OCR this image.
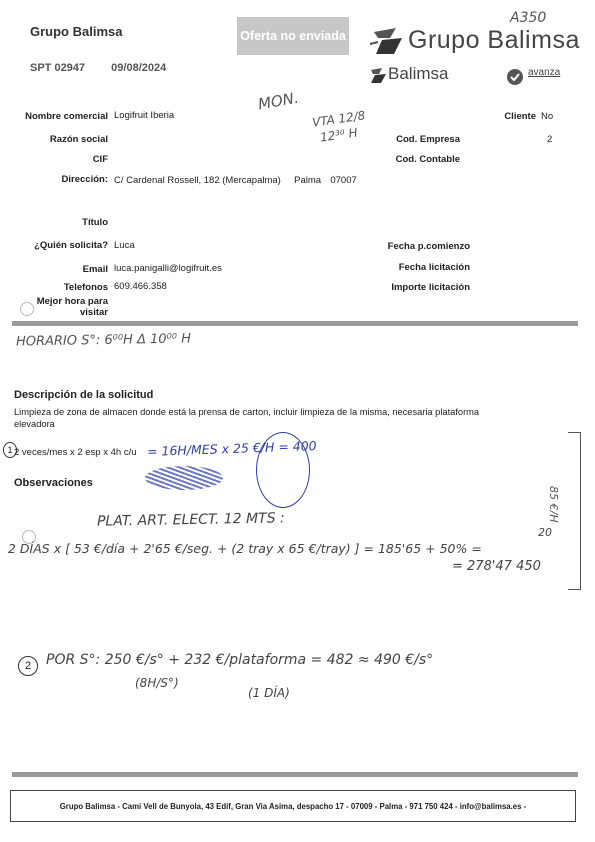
Grupo Balimsa
SPT 02947 09/08/2024
Oferta no enviada Grupo Balimsa
Balimsa	avanza
A350
MON.
VTA 12/8
12³⁰ H
Nombre comercial Logifruit Iberia
Razón social
CIF
Dirección: C/ Cardenal Rossell, 182 (Mercapalma) Palma 07007
Título
¿Quién solicita? Luca
Email luca.panigalli@logifruit.es
Telefonos 609.466.358
Mejor hora para
visitar
Cliente No
Cod. Empresa	2
Cod. Contable
Fecha p.comienzo
Fecha licitación
Importe licitación
HORARIO S°: 6⁰⁰H Δ 10⁰⁰ H
Descripción de la solicitud
Limpieza de zona de almacen donde está la prensa de carton, incluir limpieza de la misma, necesaria plataforma
elevadora
1 2 veces/mes x 2 esp x 4h c/u = 16H/MES x 25 €/H = 400
Observaciones
85 €/H
PLAT. ART. ELECT. 12 MTS :
2 DÍAS x [ 53 €/día + 2'65 €/seg. + (2 tray x 65 €/tray) ] = 185'65 + 50% =
20
= 278'47 450
2	POR S°: 250 €/s° + 232 €/plataforma = 482 ≈ 490 €/s°
(8H/S°)
(1 DÍA)
Grupo Balimsa - Cami Vell de Bunyola, 43 Edif, Gran Via Asima, despacho 17 - 07009 - Palma - 971 750 424 - info@balimsa.es -
